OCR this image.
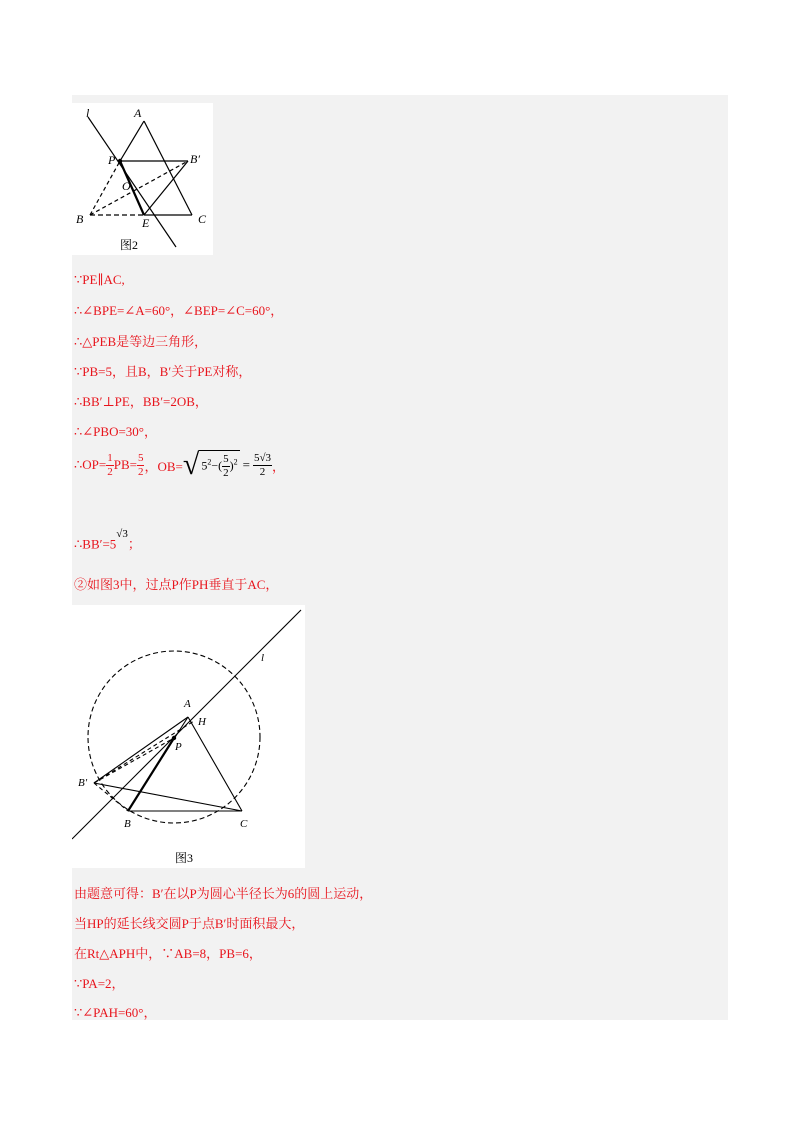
l	A
P	B′
O
B	E	C
图2
∵PE∥AC,
∴∠BPE=∠A=60°，∠BEP=∠C=60°，
∴△PEB是等边三角形，
∵PB=5，且B，B′关于PE对称，
∴BB′⊥PE，BB′=2OB，
∴∠PBO=30°，
∴OP= $\frac{1}{2} PB= \frac{5}{2}$ ，OB=√ $5^2-( \frac{5}{2} )^2 = \frac{5√3}{2}$ ，
$\therefore BB'=5^{√3}$；
②如图3中，过点P作PH垂直于AC，
l
A
H
P
B′
B	C
图3
由题意可得：B′在以P为圆心半径长为6的圆上运动，
当HP的延长线交圆P于点B′时面积最大，
在Rt△APH中，∵AB=8，PB=6，
∵PA=2，
∵∠PAH=60°，
